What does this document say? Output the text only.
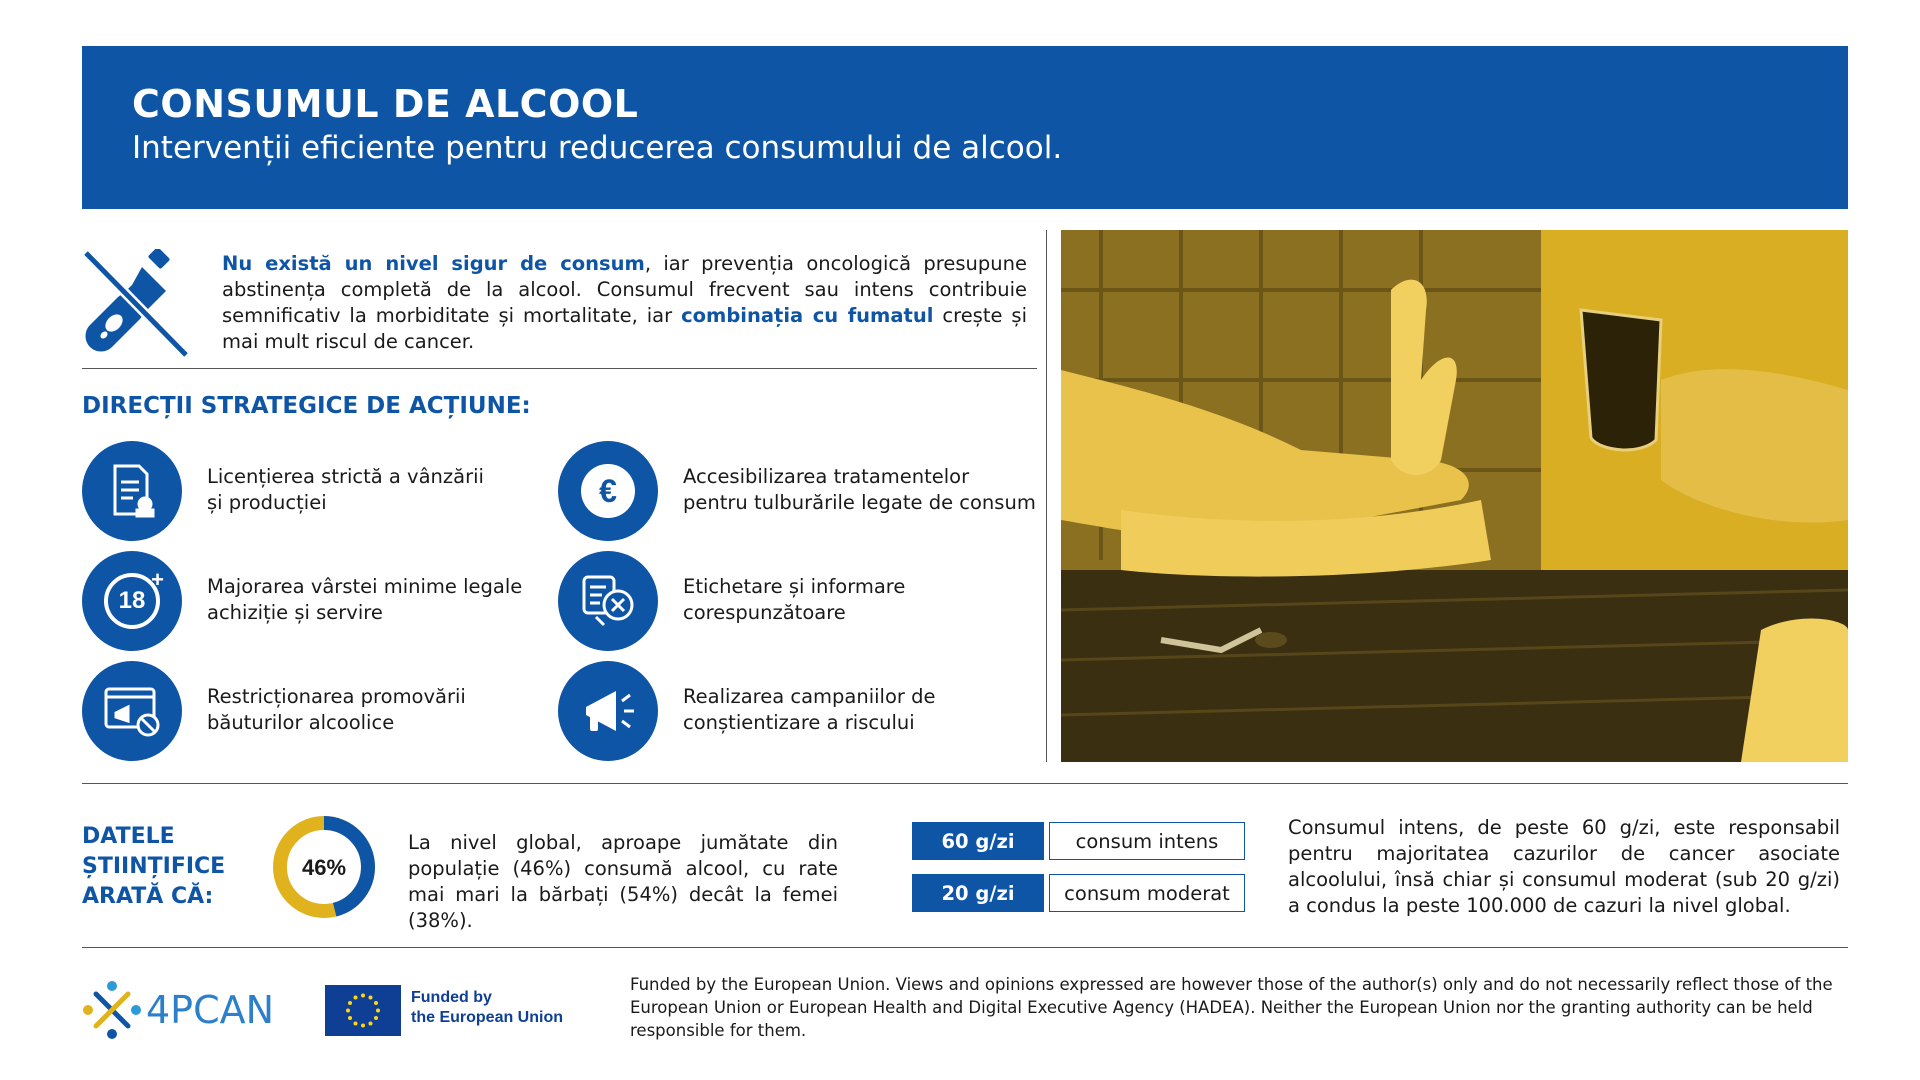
CONSUMUL DE ALCOOL
Intervenții eficiente pentru reducerea consumului de alcool.

Nu există un nivel sigur de consum, iar prevenția oncologică presupune abstinența completă de la alcool. Consumul frecvent sau intens contribuie semnificativ la morbiditate și mortalitate, iar combinația cu fumatul crește și mai mult riscul de cancer.

DIRECȚII STRATEGICE DE ACȚIUNE:
Licențierea strictă a vânzării
și producției	€	Accesibilizarea tratamentelor
pentru tulburările legate de consum
18
+ Majorarea vârstei minime legale
achiziție și servire
Etichetare și informare
corespunzătoare
Restricționarea promovării
băuturilor alcoolice
Realizarea campaniilor de
conștientizare a riscului
DATELE
ȘTIINȚIFICE
ARATĂ CĂ:
46%

La nivel global, aproape jumătate din populație (46%) consumă alcool, cu rate mai mari la bărbați (54%) decât la femei (38%).

60 g/zi	consum intens
20 g/zi	consum moderat

Consumul intens, de peste 60 g/zi, este responsabil pentru majoritatea cazurilor de cancer asociate alcoolului, însă chiar și consumul moderat (sub 20 g/zi) a condus la peste 100.000 de cazuri la nivel global.

4PCAN	Funded by
the European Union

Funded by the European Union. Views and opinions expressed are however those of the author(s) only and do not necessarily reflect those of the European Union or European Health and Digital Executive Agency (HADEA). Neither the European Union nor the granting authority can be held responsible for them.
